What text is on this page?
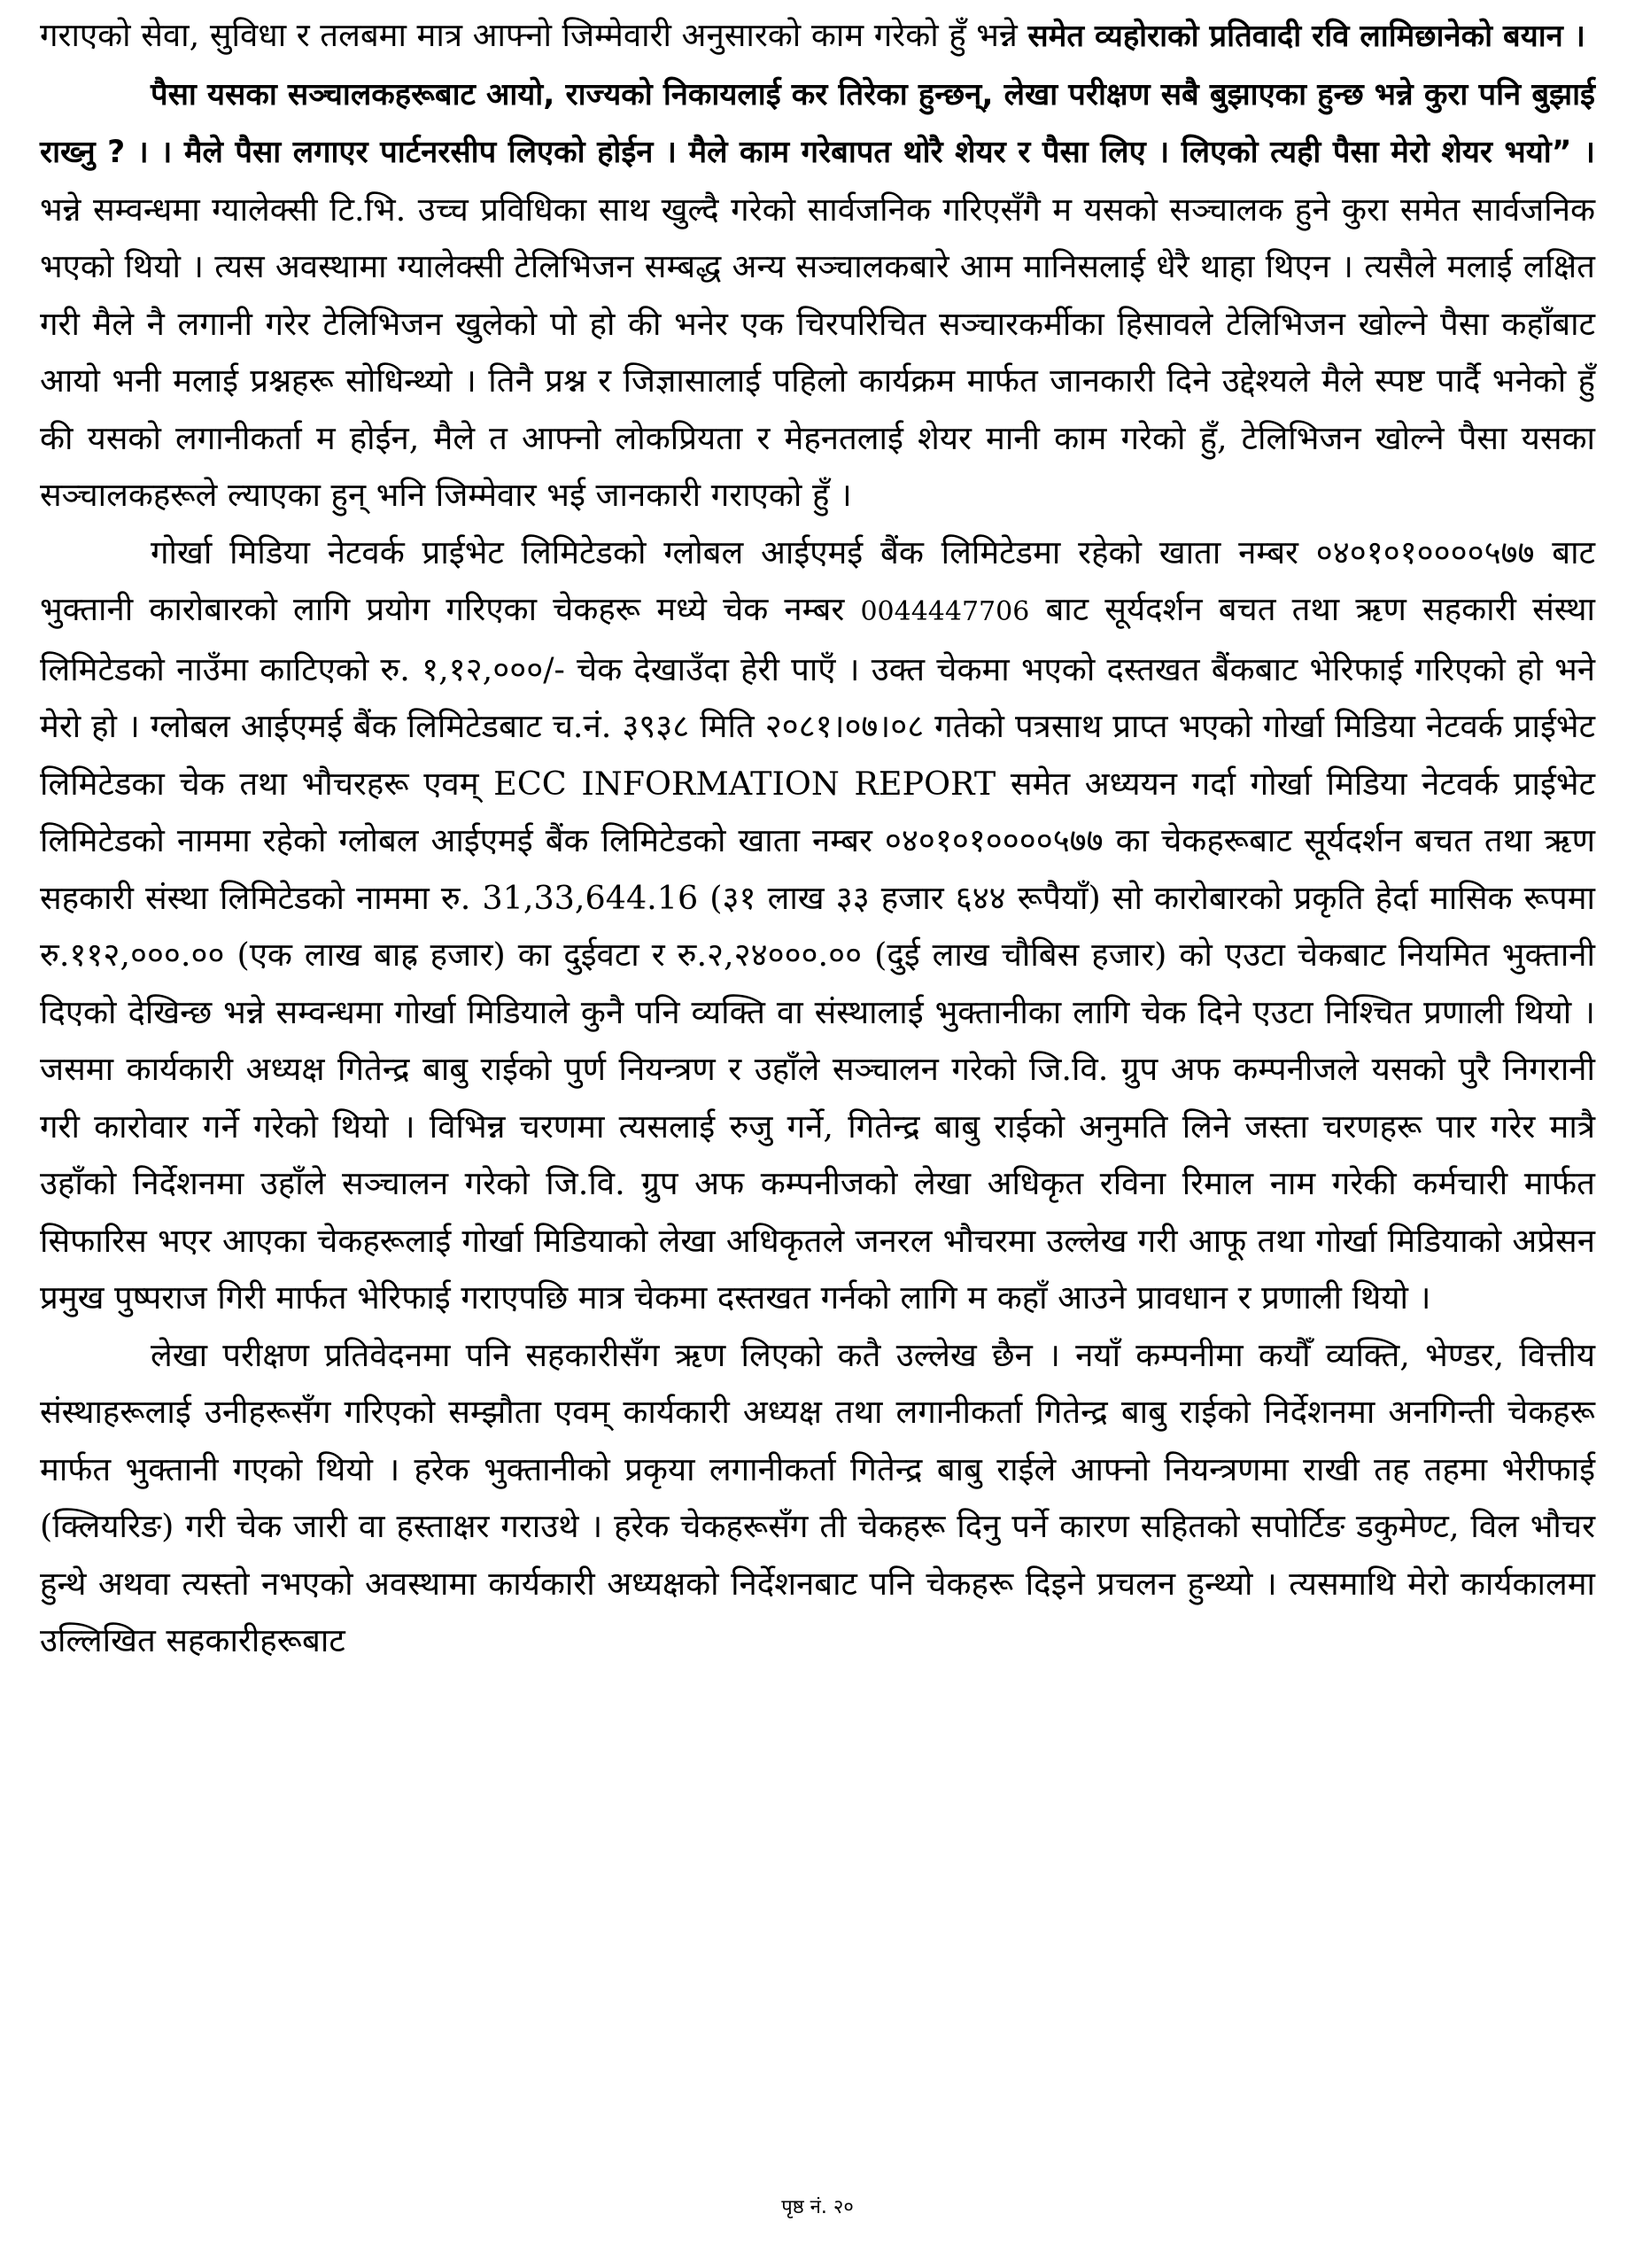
गराएको सेवा, सुविधा र तलबमा मात्र आफ्नो जिम्मेवारी अनुसारको काम गरेको हुँ भन्ने समेत व्यहोराको प्रतिवादी रवि लामिछानेको बयान ।

पैसा यसका सञ्चालकहरूबाट आयो, राज्यको निकायलाई कर तिरेका हुन्छन्, लेखा परीक्षण सबै बुझाएका हुन्छ भन्ने कुरा पनि बुझाई राख्नु ? । । मैले पैसा लगाएर पार्टनरसीप लिएको होईन । मैले काम गरेबापत थोरै शेयर र पैसा लिए । लिएको त्यही पैसा मेरो शेयर भयो” । भन्ने सम्वन्धमा ग्यालेक्सी टि.भि. उच्च प्रविधिका साथ खुल्दै गरेको सार्वजनिक गरिएसँगै म यसको सञ्चालक हुने कुरा समेत सार्वजनिक भएको थियो । त्यस अवस्थामा ग्यालेक्सी टेलिभिजन सम्बद्ध अन्य सञ्चालकबारे आम मानिसलाई धेरै थाहा थिएन । त्यसैले मलाई लक्षित गरी मैले नै लगानी गरेर टेलिभिजन खुलेको पो हो की भनेर एक चिरपरिचित सञ्चारकर्मीका हिसावले टेलिभिजन खोल्ने पैसा कहाँबाट आयो भनी मलाई प्रश्नहरू सोधिन्थ्यो । तिनै प्रश्न र जिज्ञासालाई पहिलो कार्यक्रम मार्फत जानकारी दिने उद्देश्यले मैले स्पष्ट पार्दै भनेको हुँ की यसको लगानीकर्ता म होईन, मैले त आफ्नो लोकप्रियता र मेहनतलाई शेयर मानी काम गरेको हुँ, टेलिभिजन खोल्ने पैसा यसका सञ्चालकहरूले ल्याएका हुन् भनि जिम्मेवार भई जानकारी गराएको हुँ ।

गोर्खा मिडिया नेटवर्क प्राईभेट लिमिटेडको ग्लोबल आईएमई बैंक लिमिटेडमा रहेको खाता नम्बर ०४०१०१००००५७७ बाट भुक्तानी कारोबारको लागि प्रयोग गरिएका चेकहरू मध्ये चेक नम्बर 0044447706 बाट सूर्यदर्शन बचत तथा ऋण सहकारी संस्था लिमिटेडको नाउँमा काटिएको रु. १,१२,०००/- चेक देखाउँदा हेरी पाएँ । उक्त चेकमा भएको दस्तखत बैंकबाट भेरिफाई गरिएको हो भने मेरो हो । ग्लोबल आईएमई बैंक लिमिटेडबाट च.नं. ३९३८ मिति २०८१।०७।०८ गतेको पत्रसाथ प्राप्त भएको गोर्खा मिडिया नेटवर्क प्राईभेट लिमिटेडका चेक तथा भौचरहरू एवम् ECC INFORMATION REPORT समेत अध्ययन गर्दा गोर्खा मिडिया नेटवर्क प्राईभेट लिमिटेडको नाममा रहेको ग्लोबल आईएमई बैंक लिमिटेडको खाता नम्बर ०४०१०१००००५७७ का चेकहरूबाट सूर्यदर्शन बचत तथा ऋण सहकारी संस्था लिमिटेडको नाममा रु. 31,33,644.16 (३१ लाख ३३ हजार ६४४ रूपैयाँ) सो कारोबारको प्रकृति हेर्दा मासिक रूपमा रु.११२,०००.०० (एक लाख बाह्र हजार) का दुईवटा र रु.२,२४०००.०० (दुई लाख चौबिस हजार) को एउटा चेकबाट नियमित भुक्तानी दिएको देखिन्छ भन्ने सम्वन्धमा गोर्खा मिडियाले कुनै पनि व्यक्ति वा संस्थालाई भुक्तानीका लागि चेक दिने एउटा निश्चित प्रणाली थियो । जसमा कार्यकारी अध्यक्ष गितेन्द्र बाबु राईको पुर्ण नियन्त्रण र उहाँले सञ्चालन गरेको जि.वि. ग्रुप अफ कम्पनीजले यसको पुरै निगरानी गरी कारोवार गर्ने गरेको थियो । विभिन्न चरणमा त्यसलाई रुजु गर्ने, गितेन्द्र बाबु राईको अनुमति लिने जस्ता चरणहरू पार गरेर मात्रै उहाँको निर्देशनमा उहाँले सञ्चालन गरेको जि.वि. ग्रुप अफ कम्पनीजको लेखा अधिकृत रविना रिमाल नाम गरेकी कर्मचारी मार्फत सिफारिस भएर आएका चेकहरूलाई गोर्खा मिडियाको लेखा अधिकृतले जनरल भौचरमा उल्लेख गरी आफू तथा गोर्खा मिडियाको अप्रेसन प्रमुख पुष्पराज गिरी मार्फत भेरिफाई गराएपछि मात्र चेकमा दस्तखत गर्नको लागि म कहाँ आउने प्रावधान र प्रणाली थियो ।

लेखा परीक्षण प्रतिवेदनमा पनि सहकारीसँग ऋण लिएको कतै उल्लेख छैन । नयाँ कम्पनीमा कयौँ व्यक्ति, भेण्डर, वित्तीय संस्थाहरूलाई उनीहरूसँग गरिएको सम्झौता एवम् कार्यकारी अध्यक्ष तथा लगानीकर्ता गितेन्द्र बाबु राईको निर्देशनमा अनगिन्ती चेकहरू मार्फत भुक्तानी गएको थियो । हरेक भुक्तानीको प्रकृया लगानीकर्ता गितेन्द्र बाबु राईले आफ्नो नियन्त्रणमा राखी तह तहमा भेरीफाई (क्लियरिङ) गरी चेक जारी वा हस्ताक्षर गराउथे । हरेक चेकहरूसँग ती चेकहरू दिनु पर्ने कारण सहितको सपोर्टिङ डकुमेण्ट, विल भौचर हुन्थे अथवा त्यस्तो नभएको अवस्थामा कार्यकारी अध्यक्षको निर्देशनबाट पनि चेकहरू दिइने प्रचलन हुन्थ्यो । त्यसमाथि मेरो कार्यकालमा उल्लिखित सहकारीहरूबाट

पृष्ठ नं. २०
